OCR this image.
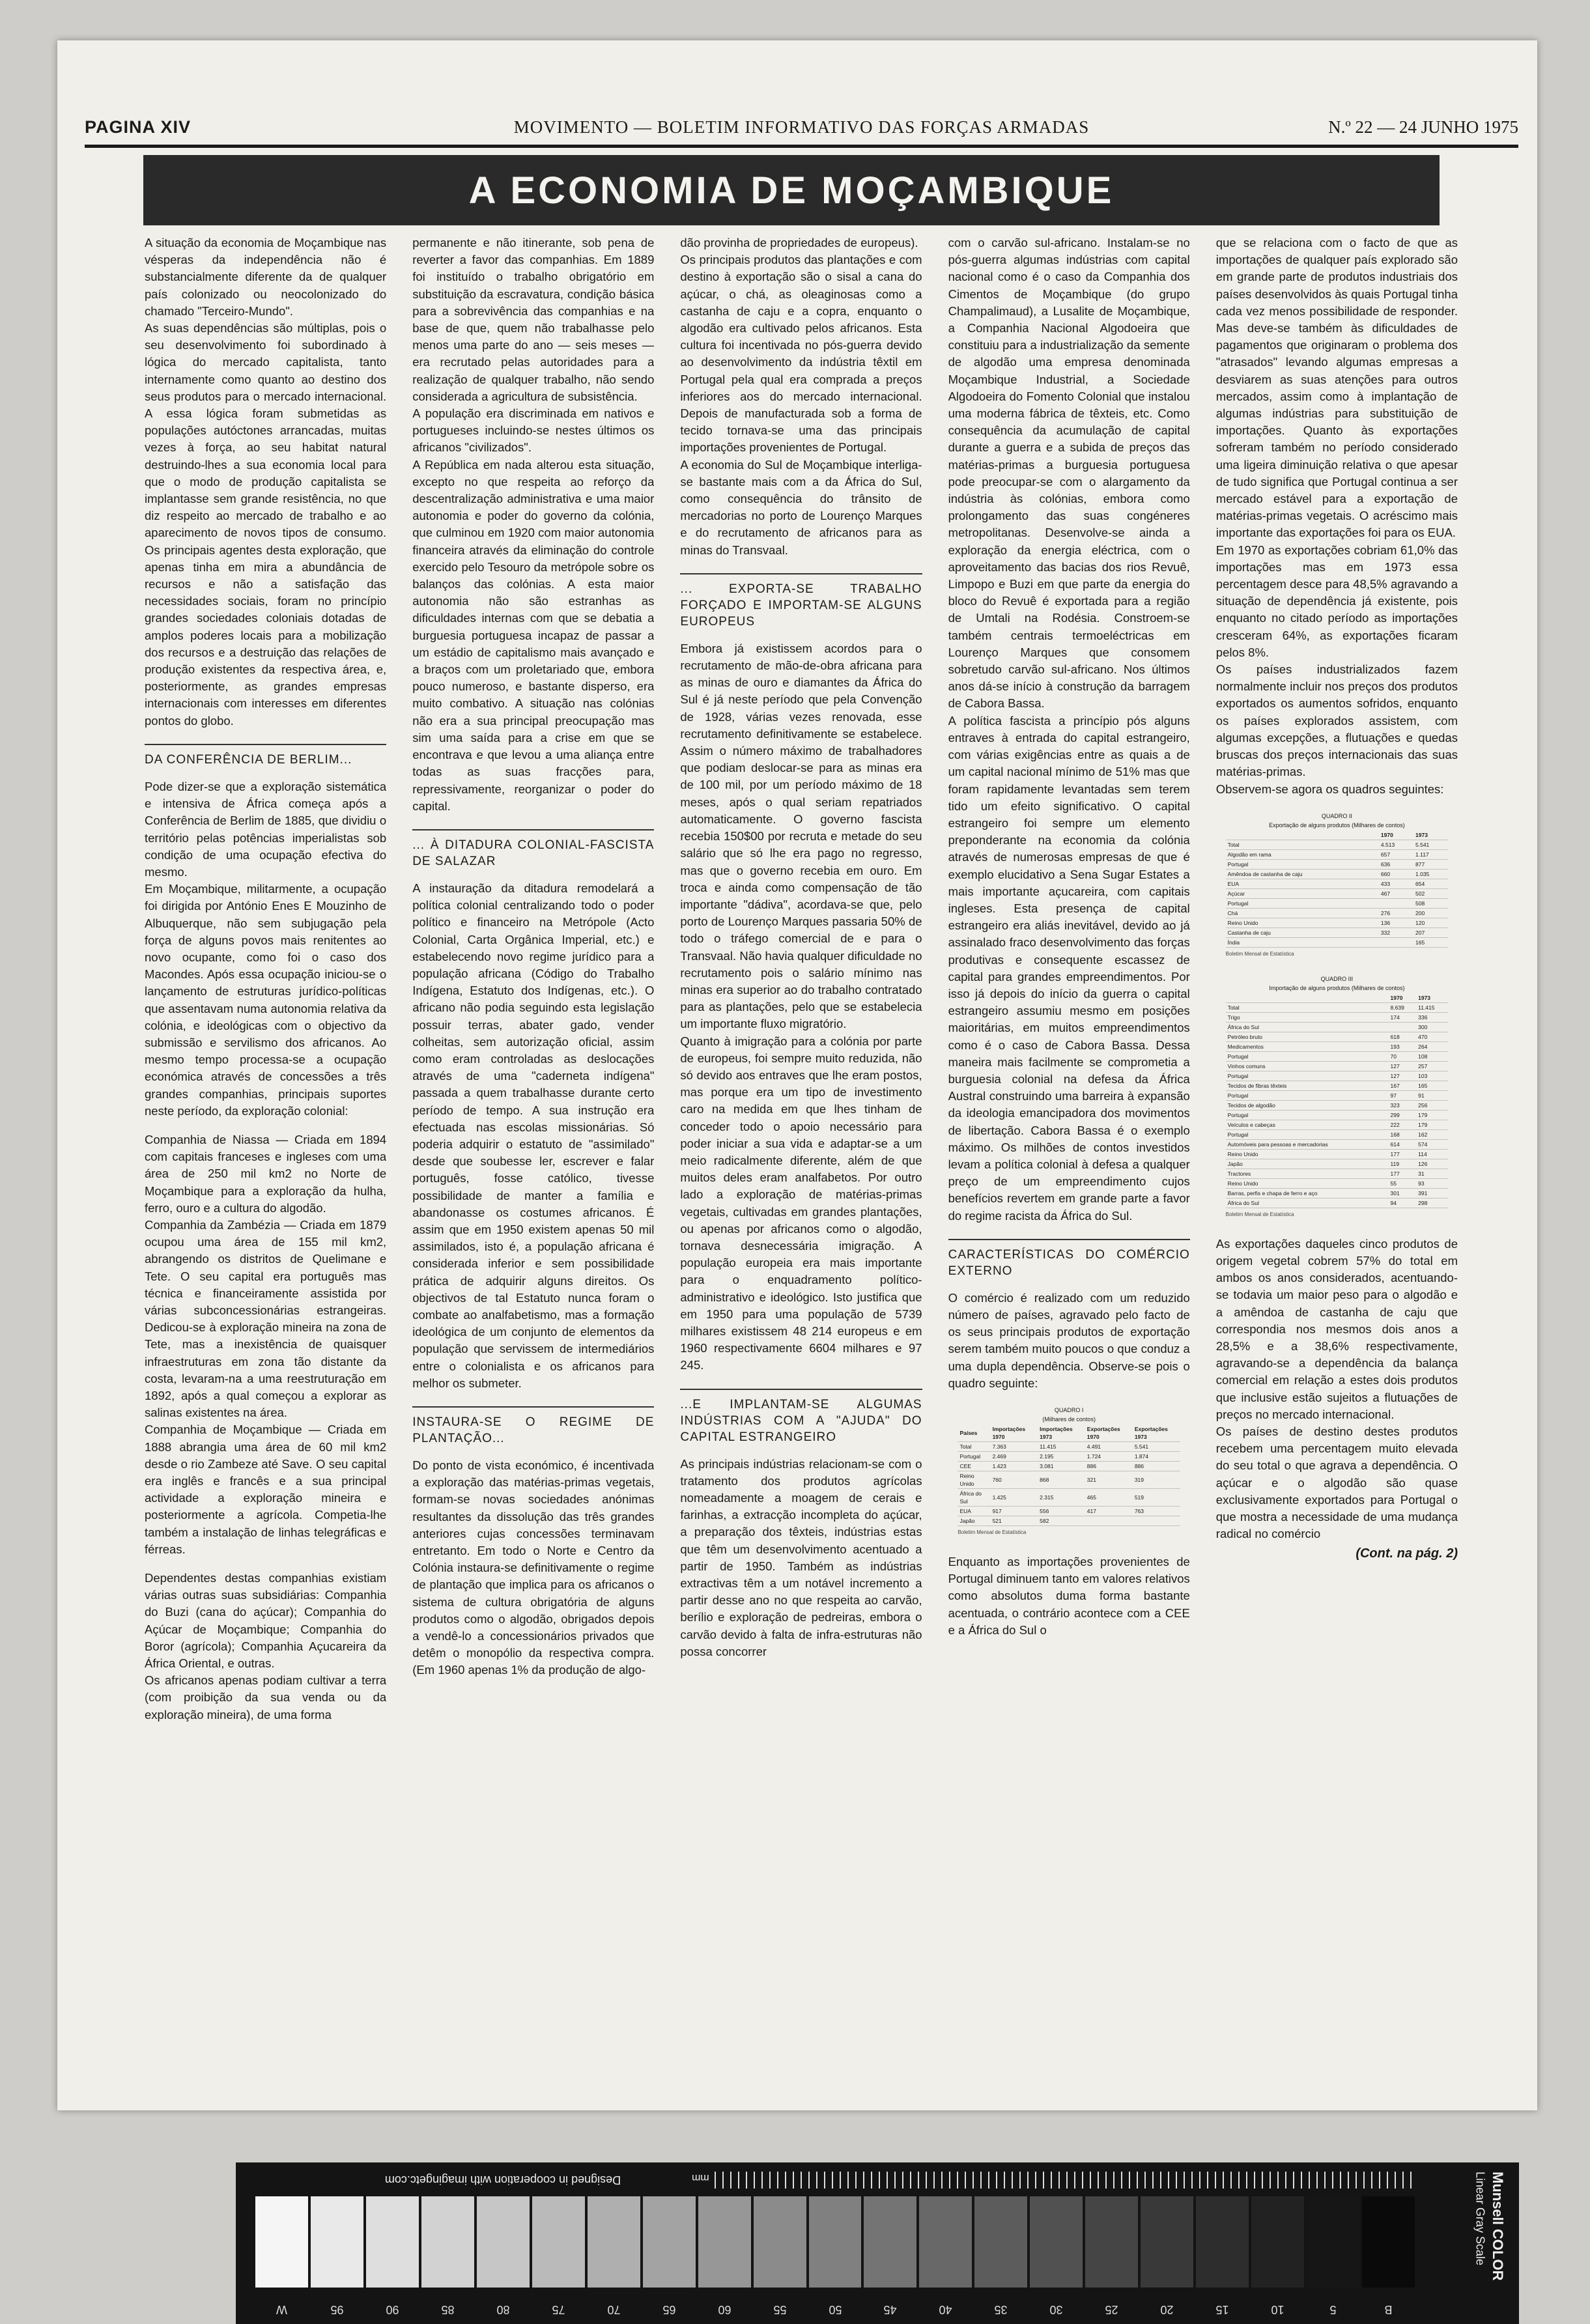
PAGINA XIV	MOVIMENTO — BOLETIM INFORMATIVO DAS FORÇAS ARMADAS	N.º 22 — 24 JUNHO 1975
A ECONOMIA DE MOÇAMBIQUE

A situação da economia de Moçambique nas vésperas da independência não é substancialmente diferente da de qualquer país colonizado ou neocolonizado do chamado "Terceiro-Mundo".

As suas dependências são múltiplas, pois o seu desenvolvimento foi subordinado à lógica do mercado capitalista, tanto internamente como quanto ao destino dos seus produtos para o mercado internacional. A essa lógica foram submetidas as populações autóctones arrancadas, muitas vezes à força, ao seu habitat natural destruindo-lhes a sua economia local para que o modo de produção capitalista se implantasse sem grande resistência, no que diz respeito ao mercado de trabalho e ao aparecimento de novos tipos de consumo. Os principais agentes desta exploração, que apenas tinha em mira a abundância de recursos e não a satisfação das necessidades sociais, foram no princípio grandes sociedades coloniais dotadas de amplos poderes locais para a mobilização dos recursos e a destruição das relações de produção existentes da respectiva área, e, posteriormente, as grandes empresas internacionais com interesses em diferentes pontos do globo.

DA CONFERÊNCIA DE BERLIM...

Pode dizer-se que a exploração sistemática e intensiva de África começa após a Conferência de Berlim de 1885, que dividiu o território pelas potências imperialistas sob condição de uma ocupação efectiva do mesmo.

Em Moçambique, militarmente, a ocupação foi dirigida por António Enes E Mouzinho de Albuquerque, não sem subjugação pela força de alguns povos mais renitentes ao novo ocupante, como foi o caso dos Macondes. Após essa ocupação iniciou-se o lançamento de estruturas jurídico-políticas que assentavam numa autonomia relativa da colónia, e ideológicas com o objectivo da submissão e servilismo dos africanos. Ao mesmo tempo processa-se a ocupação económica através de concessões a três grandes companhias, principais suportes neste período, da exploração colonial:

Companhia de Niassa — Criada em 1894 com capitais franceses e ingleses com uma área de 250 mil km2 no Norte de Moçambique para a exploração da hulha, ferro, ouro e a cultura do algodão.

Companhia da Zambézia — Criada em 1879 ocupou uma área de 155 mil km2, abrangendo os distritos de Quelimane e Tete. O seu capital era português mas técnica e financeiramente assistida por várias subconcessionárias estrangeiras. Dedicou-se à exploração mineira na zona de Tete, mas a inexistência de quaisquer infraestruturas em zona tão distante da costa, levaram-na a uma reestruturação em 1892, após a qual começou a explorar as salinas existentes na área.

Companhia de Moçambique — Criada em 1888 abrangia uma área de 60 mil km2 desde o rio Zambeze até Save. O seu capital era inglês e francês e a sua principal actividade a exploração mineira e posteriormente a agrícola. Competia-lhe também a instalação de linhas telegráficas e férreas.

Dependentes destas companhias existiam várias outras suas subsidiárias: Companhia do Buzi (cana do açúcar); Companhia do Açúcar de Moçambique; Companhia do Boror (agrícola); Companhia Açucareira da África Oriental, e outras.

Os africanos apenas podiam cultivar a terra (com proibição da sua venda ou da exploração mineira), de uma forma

permanente e não itinerante, sob pena de reverter a favor das companhias. Em 1889 foi instituído o trabalho obrigatório em substituição da escravatura, condição básica para a sobrevivência das companhias e na base de que, quem não trabalhasse pelo menos uma parte do ano — seis meses — era recrutado pelas autoridades para a realização de qualquer trabalho, não sendo considerada a agricultura de subsistência.

A população era discriminada em nativos e portugueses incluindo-se nestes últimos os africanos "civilizados".

A República em nada alterou esta situação, excepto no que respeita ao reforço da descentralização administrativa e uma maior autonomia e poder do governo da colónia, que culminou em 1920 com maior autonomia financeira através da eliminação do controle exercido pelo Tesouro da metrópole sobre os balanços das colónias. A esta maior autonomia não são estranhas as dificuldades internas com que se debatia a burguesia portuguesa incapaz de passar a um estádio de capitalismo mais avançado e a braços com um proletariado que, embora pouco numeroso, e bastante disperso, era muito combativo. A situação nas colónias não era a sua principal preocupação mas sim uma saída para a crise em que se encontrava e que levou a uma aliança entre todas as suas fracções para, repressivamente, reorganizar o poder do capital.

... À DITADURA COLONIAL-FASCISTA DE SALAZAR

A instauração da ditadura remodelará a política colonial centralizando todo o poder político e financeiro na Metrópole (Acto Colonial, Carta Orgânica Imperial, etc.) e estabelecendo novo regime jurídico para a população africana (Código do Trabalho Indígena, Estatuto dos Indígenas, etc.). O africano não podia seguindo esta legislação possuir terras, abater gado, vender colheitas, sem autorização oficial, assim como eram controladas as deslocações através de uma "caderneta indígena" passada a quem trabalhasse durante certo período de tempo. A sua instrução era efectuada nas escolas missionárias. Só poderia adquirir o estatuto de "assimilado" desde que soubesse ler, escrever e falar português, fosse católico, tivesse possibilidade de manter a família e abandonasse os costumes africanos. É assim que em 1950 existem apenas 50 mil assimilados, isto é, a população africana é considerada inferior e sem possibilidade prática de adquirir alguns direitos. Os objectivos de tal Estatuto nunca foram o combate ao analfabetismo, mas a formação ideológica de um conjunto de elementos da população que servissem de intermediários entre o colonialista e os africanos para melhor os submeter.

INSTAURA-SE O REGIME DE PLANTAÇÃO...

Do ponto de vista económico, é incentivada a exploração das matérias-primas vegetais, formam-se novas sociedades anónimas resultantes da dissolução das três grandes anteriores cujas concessões terminavam entretanto. Em todo o Norte e Centro da Colónia instaura-se definitivamente o regime de plantação que implica para os africanos o sistema de cultura obrigatória de alguns produtos como o algodão, obrigados depois a vendê-lo a concessionários privados que detêm o monopólio da respectiva compra. (Em 1960 apenas 1% da produção de algo-

dão provinha de propriedades de europeus).

Os principais produtos das plantações e com destino à exportação são o sisal a cana do açúcar, o chá, as oleaginosas como a castanha de caju e a copra, enquanto o algodão era cultivado pelos africanos. Esta cultura foi incentivada no pós-guerra devido ao desenvolvimento da indústria têxtil em Portugal pela qual era comprada a preços inferiores aos do mercado internacional. Depois de manufacturada sob a forma de tecido tornava-se uma das principais importações provenientes de Portugal.

A economia do Sul de Moçambique interliga-se bastante mais com a da África do Sul, como consequência do trânsito de mercadorias no porto de Lourenço Marques e do recrutamento de africanos para as minas do Transvaal.

... EXPORTA-SE TRABALHO FORÇADO E IMPORTAM-SE ALGUNS EUROPEUS

Embora já existissem acordos para o recrutamento de mão-de-obra africana para as minas de ouro e diamantes da África do Sul é já neste período que pela Convenção de 1928, várias vezes renovada, esse recrutamento definitivamente se estabelece. Assim o número máximo de trabalhadores que podiam deslocar-se para as minas era de 100 mil, por um período máximo de 18 meses, após o qual seriam repatriados automaticamente. O governo fascista recebia 150$00 por recruta e metade do seu salário que só lhe era pago no regresso, mas que o governo recebia em ouro. Em troca e ainda como compensação de tão importante "dádiva", acordava-se que, pelo porto de Lourenço Marques passaria 50% de todo o tráfego comercial de e para o Transvaal. Não havia qualquer dificuldade no recrutamento pois o salário mínimo nas minas era superior ao do trabalho contratado para as plantações, pelo que se estabelecia um importante fluxo migratório.

Quanto à imigração para a colónia por parte de europeus, foi sempre muito reduzida, não só devido aos entraves que lhe eram postos, mas porque era um tipo de investimento caro na medida em que lhes tinham de conceder todo o apoio necessário para poder iniciar a sua vida e adaptar-se a um meio radicalmente diferente, além de que muitos deles eram analfabetos. Por outro lado a exploração de matérias-primas vegetais, cultivadas em grandes plantações, ou apenas por africanos como o algodão, tornava desnecessária imigração. A população europeia era mais importante para o enquadramento político-administrativo e ideológico. Isto justifica que em 1950 para uma população de 5739 milhares existissem 48 214 europeus e em 1960 respectivamente 6604 milhares e 97 245.

...E IMPLANTAM-SE ALGUMAS INDÚSTRIAS COM A "AJUDA" DO CAPITAL ESTRANGEIRO

As principais indústrias relacionam-se com o tratamento dos produtos agrícolas nomeadamente a moagem de cerais e farinhas, a extracção incompleta do açúcar, a preparação dos têxteis, indústrias estas que têm um desenvolvimento acentuado a partir de 1950. Também as indústrias extractivas têm a um notável incremento a partir desse ano no que respeita ao carvão, berílio e exploração de pedreiras, embora o carvão devido à falta de infra-estruturas não possa concorrer

com o carvão sul-africano. Instalam-se no pós-guerra algumas indústrias com capital nacional como é o caso da Companhia dos Cimentos de Moçambique (do grupo Champalimaud), a Lusalite de Moçambique, a Companhia Nacional Algodoeira que constituiu para a industrialização da semente de algodão uma empresa denominada Moçambique Industrial, a Sociedade Algodoeira do Fomento Colonial que instalou uma moderna fábrica de têxteis, etc. Como consequência da acumulação de capital durante a guerra e a subida de preços das matérias-primas a burguesia portuguesa pode preocupar-se com o alargamento da indústria às colónias, embora como prolongamento das suas congéneres metropolitanas. Desenvolve-se ainda a exploração da energia eléctrica, com o aproveitamento das bacias dos rios Revuê, Limpopo e Buzi em que parte da energia do bloco do Revuê é exportada para a região de Umtali na Rodésia. Constroem-se também centrais termoeléctricas em Lourenço Marques que consomem sobretudo carvão sul-africano. Nos últimos anos dá-se início à construção da barragem de Cabora Bassa.

A política fascista a princípio pós alguns entraves à entrada do capital estrangeiro, com várias exigências entre as quais a de um capital nacional mínimo de 51% mas que foram rapidamente levantadas sem terem tido um efeito significativo. O capital estrangeiro foi sempre um elemento preponderante na economia da colónia através de numerosas empresas de que é exemplo elucidativo a Sena Sugar Estates a mais importante açucareira, com capitais ingleses. Esta presença de capital estrangeiro era aliás inevitável, devido ao já assinalado fraco desenvolvimento das forças produtivas e consequente escassez de capital para grandes empreendimentos. Por isso já depois do início da guerra o capital estrangeiro assumiu mesmo em posições maioritárias, em muitos empreendimentos como é o caso de Cabora Bassa. Dessa maneira mais facilmente se comprometia a burguesia colonial na defesa da África Austral construindo uma barreira à expansão da ideologia emancipadora dos movimentos de libertação. Cabora Bassa é o exemplo máximo. Os milhões de contos investidos levam a política colonial à defesa a qualquer preço de um empreendimento cujos benefícios revertem em grande parte a favor do regime racista da África do Sul.

CARACTERÍSTICAS DO COMÉRCIO EXTERNO

O comércio é realizado com um reduzido número de países, agravado pelo facto de os seus principais produtos de exportação serem também muito poucos o que conduz a uma dupla dependência. Observe-se pois o quadro seguinte:

QUADRO I
(Milhares de contos)
Países	Importações 1970	Importações 1973	Exportações 1970	Exportações 1973
Total	7.363	11.415	4.491	5.541
Portugal	2.469	2.195	1.724	1.874
CEE	1.423	3.081	886	886
Reino Unido	760	868	321	319
África do Sul	1.425	2.315	465	519
EUA	917	556	417	763
Japão	521	582		
Boletim Mensal de Estatística

Enquanto as importações provenientes de Portugal diminuem tanto em valores relativos como absolutos duma forma bastante acentuada, o contrário acontece com a CEE e a África do Sul o

que se relaciona com o facto de que as importações de qualquer país explorado são em grande parte de produtos industriais dos países desenvolvidos às quais Portugal tinha cada vez menos possibilidade de responder. Mas deve-se também às dificuldades de pagamentos que originaram o problema dos "atrasados" levando algumas empresas a desviarem as suas atenções para outros mercados, assim como à implantação de algumas indústrias para substituição de importações. Quanto às exportações sofreram também no período considerado uma ligeira diminuição relativa o que apesar de tudo significa que Portugal continua a ser mercado estável para a exportação de matérias-primas vegetais. O acréscimo mais importante das exportações foi para os EUA.

Em 1970 as exportações cobriam 61,0% das importações mas em 1973 essa percentagem desce para 48,5% agravando a situação de dependência já existente, pois enquanto no citado período as importações cresceram 64%, as exportações ficaram pelos 8%.

Os países industrializados fazem normalmente incluir nos preços dos produtos exportados os aumentos sofridos, enquanto os países explorados assistem, com algumas excepções, a flutuações e quedas bruscas dos preços internacionais das suas matérias-primas.

Observem-se agora os quadros seguintes:

QUADRO II
Exportação de alguns produtos (Milhares de contos)
	1970	1973
Total	4.513	5.541
Algodão em rama	657	1.117
Portugal	636	877
Amêndoa de castanha de caju	660	1.035
EUA	433	654
Açúcar	467	502
Portugal		508
Chá	276	200
Reino Unido	136	120
Castanha de caju	332	207
Índia		165
Boletim Mensal de Estatística
QUADRO III
Importação de alguns produtos (Milhares de contos)
	1970	1973
Total	8.639	11.415
Trigo	174	336
África do Sul		300
Petróleo bruto	618	470
Medicamentos	193	264
Portugal	70	108
Vinhos comuns	127	257
Portugal	127	103
Tecidos de fibras têxteis	167	165
Portugal	97	91
Tecidos de algodão	323	256
Portugal	299	179
Veículos e cabeças	222	179
Portugal	168	162
Automóveis para pessoas e mercadorias	614	574
Reino Unido	177	114
Japão	119	126
Tractores	177	31
Reino Unido	55	93
Barras, perfis e chapa de ferro e aço	301	391
África do Sul	94	298
Boletim Mensal de Estatística

As exportações daqueles cinco produtos de origem vegetal cobrem 57% do total em ambos os anos considerados, acentuando-se todavia um maior peso para o algodão e a amêndoa de castanha de caju que correspondia nos mesmos dois anos a 28,5% e a 38,6% respectivamente, agravando-se a dependência da balança comercial em relação a estes dois produtos que inclusive estão sujeitos a flutuações de preços no mercado internacional.

Os países de destino destes produtos recebem uma percentagem muito elevada do seu total o que agrava a dependência. O açúcar e o algodão são quase exclusivamente exportados para Portugal o que mostra a necessidade de uma mudança radical no comércio

(Cont. na pág. 2)
Designed in cooperation with imagingetc.com	mm
W	95	90	85	80	75	70	65	60	55	50	45	40	35	30	25	20	15	10	5	B
Munsell COLOR
Linear Gray Scale
